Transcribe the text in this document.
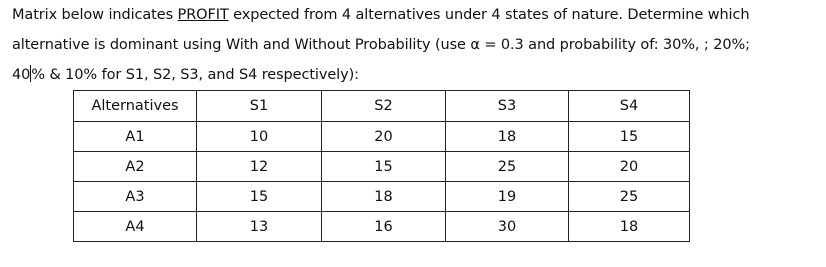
Matrix below indicates PROFIT expected from 4 alternatives under 4 states of nature. Determine which
alternative is dominant using With and Without Probability (use α = 0.3 and probability of: 30%, ; 20%;
40% & 10% for S1, S2, S3, and S4 respectively):
Alternatives	S1	S2	S3	S4
A1	10	20	18	15
A2	12	15	25	20
A3	15	18	19	25
A4	13	16	30	18
